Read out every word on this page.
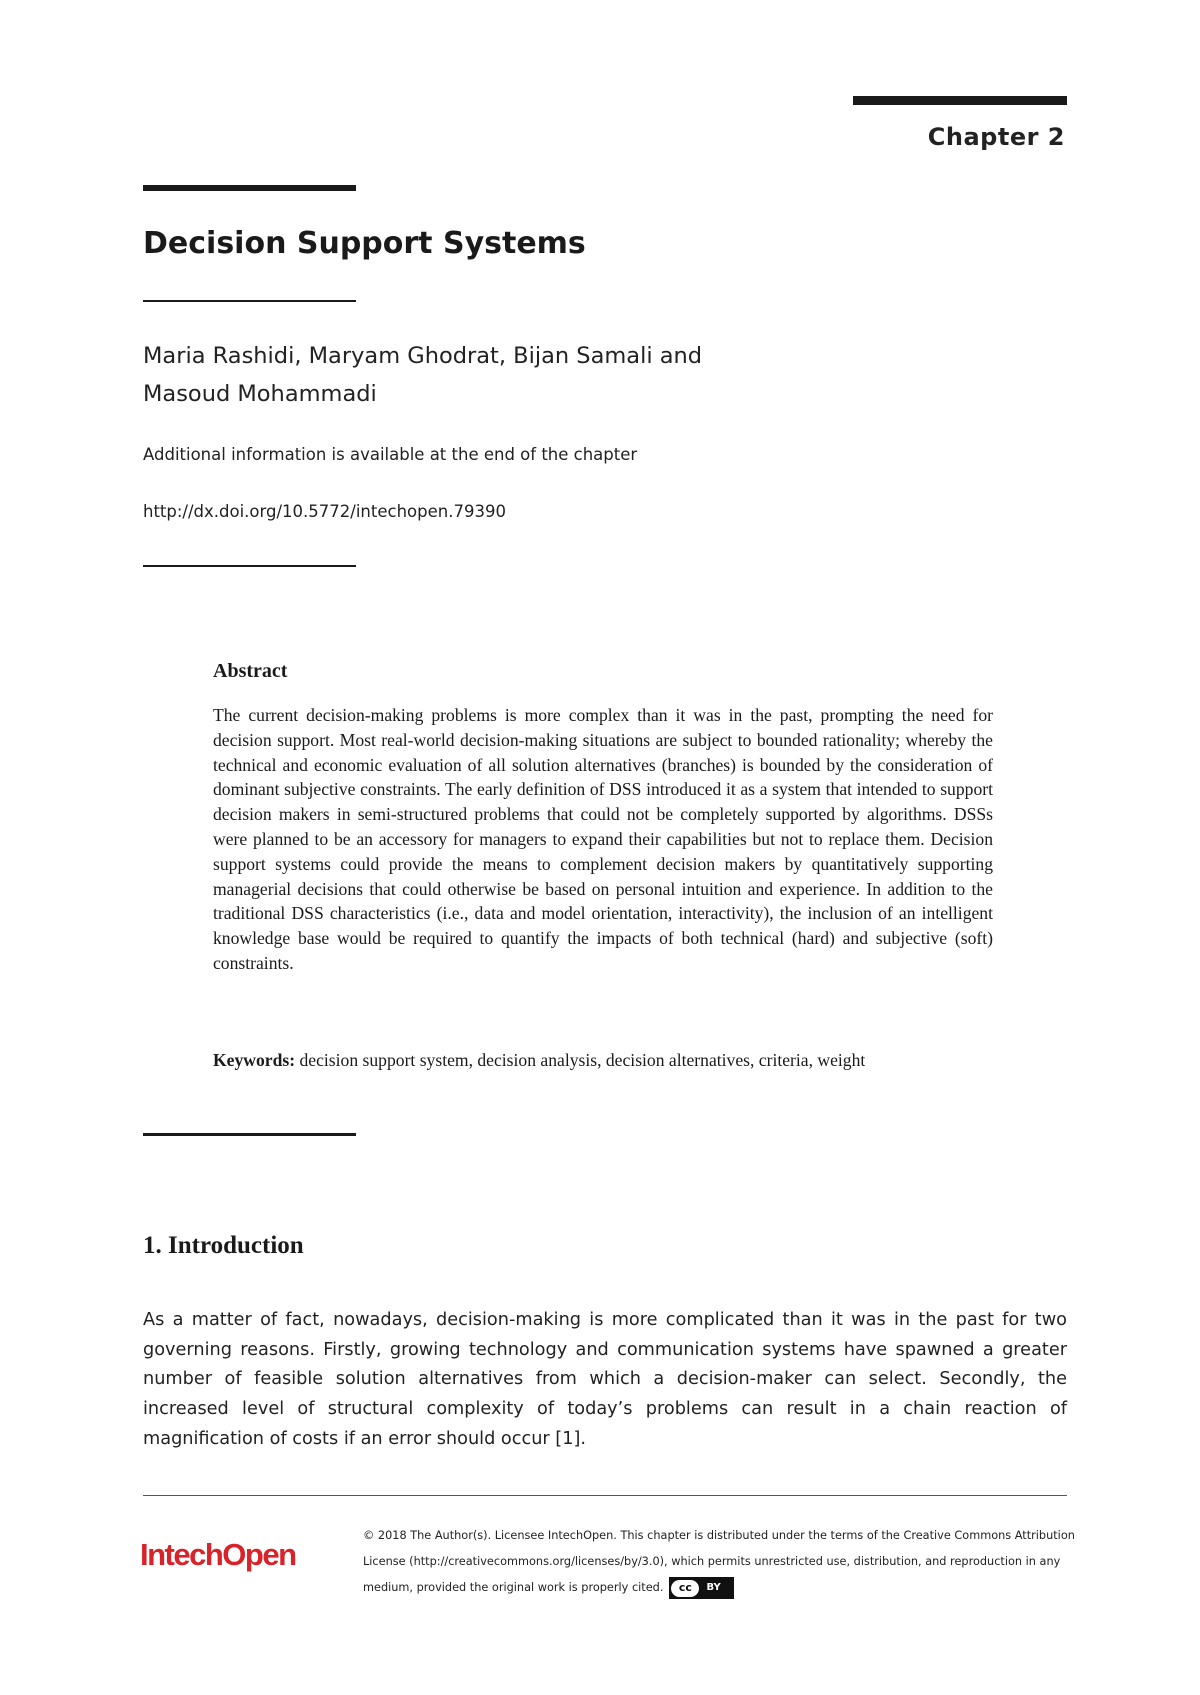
Chapter 2
Decision Support Systems
Maria Rashidi, Maryam Ghodrat, Bijan Samali and
Masoud Mohammadi
Additional information is available at the end of the chapter
http://dx.doi.org/10.5772/intechopen.79390
Abstract

The current decision-making problems is more complex than it was in the past, prompting the need for decision support. Most real-world decision-making situations are subject to bounded rationality; whereby the technical and economic evaluation of all solution alternatives (branches) is bounded by the consideration of dominant subjective constraints. The early definition of DSS introduced it as a system that intended to support decision makers in semi-structured problems that could not be completely supported by algorithms. DSSs were planned to be an accessory for managers to expand their capabilities but not to replace them. Decision support systems could provide the means to complement decision makers by quantitatively supporting managerial decisions that could otherwise be based on personal intuition and experience. In addition to the traditional DSS characteristics (i.e., data and model orientation, interactivity), the inclusion of an intelligent knowledge base would be required to quantify the impacts of both technical (hard) and subjective (soft) constraints.

Keywords: decision support system, decision analysis, decision alternatives, criteria, weight

1. Introduction

As a matter of fact, nowadays, decision-making is more complicated than it was in the past for two governing reasons. Firstly, growing technology and communication systems have spawned a greater number of feasible solution alternatives from which a decision-maker can select. Secondly, the increased level of structural complexity of today’s problems can result in a chain reaction of magnification of costs if an error should occur [1].

IntechOpen

© 2018 The Author(s). Licensee IntechOpen. This chapter is distributed under the terms of the Creative Commons Attribution License (http://creativecommons.org/licenses/by/3.0), which permits unrestricted use, distribution, and reproduction in any medium, provided the original work is properly cited.	cc	BY
